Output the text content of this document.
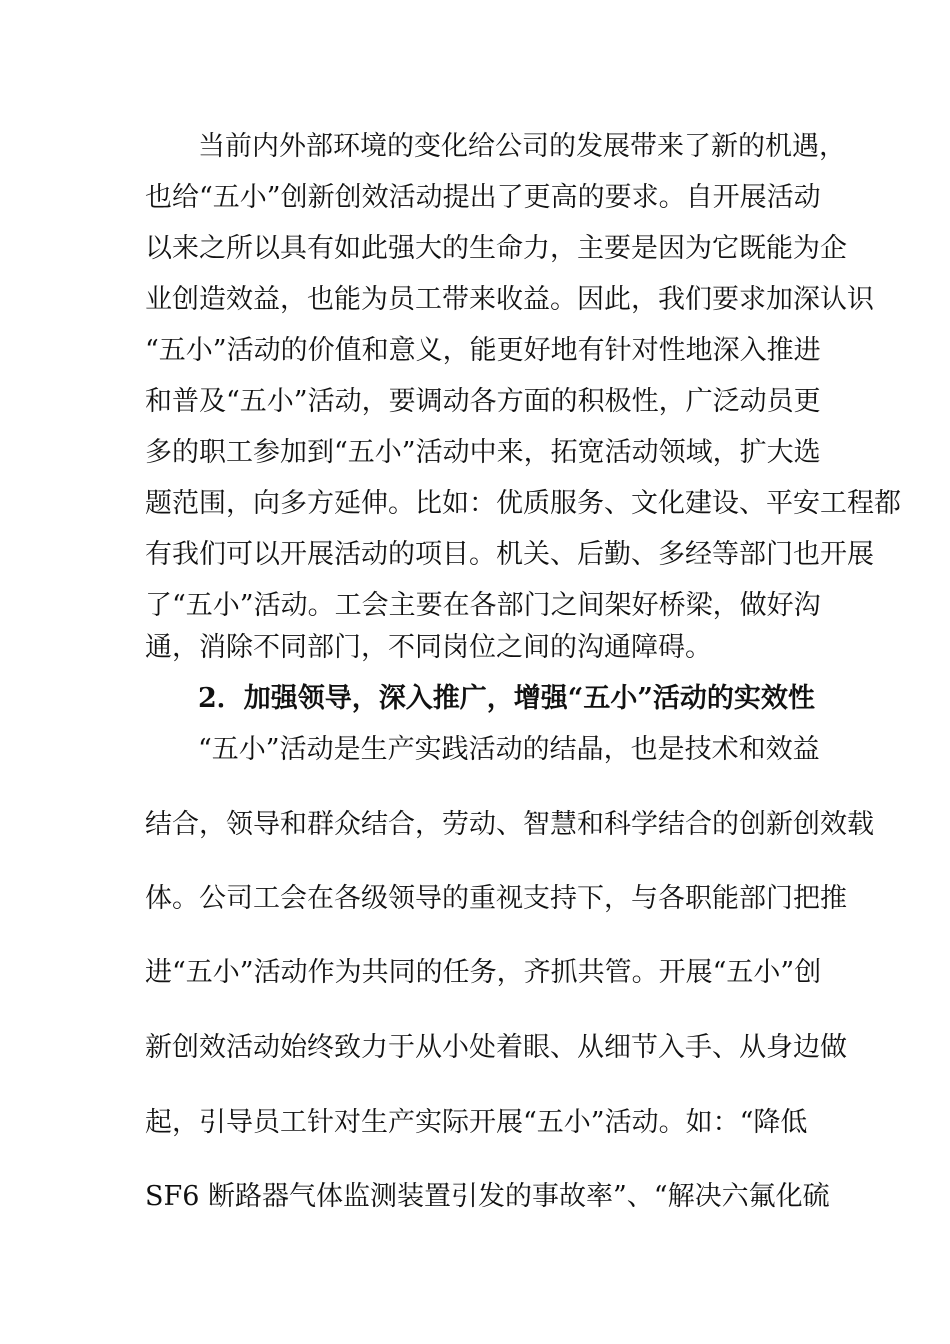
当前内外部环境的变化给公司的发展带来了新的机遇，
也给“五小”创新创效活动提出了更高的要求。自开展活动
以来之所以具有如此强大的生命力，主要是因为它既能为企
业创造效益，也能为员工带来收益。因此，我们要求加深认识
“五小”活动的价值和意义，能更好地有针对性地深入推进
和普及“五小”活动，要调动各方面的积极性，广泛动员更
多的职工参加到“五小”活动中来，拓宽活动领域，扩大选
题范围，向多方延伸。比如：优质服务、文化建设、平安工程都
有我们可以开展活动的项目。机关、后勤、多经等部门也开展
了“五小”活动。工会主要在各部门之间架好桥梁，做好沟
通，消除不同部门，不同岗位之间的沟通障碍。
2．加强领导，深入推广，增强“五小”活动的实效性
“五小”活动是生产实践活动的结晶，也是技术和效益
结合，领导和群众结合，劳动、智慧和科学结合的创新创效载
体。公司工会在各级领导的重视支持下，与各职能部门把推
进“五小”活动作为共同的任务，齐抓共管。开展“五小”创
新创效活动始终致力于从小处着眼、从细节入手、从身边做
起，引导员工针对生产实际开展“五小”活动。如：“降低
SF6 断路器气体监测装置引发的事故率”、“解决六氟化硫
